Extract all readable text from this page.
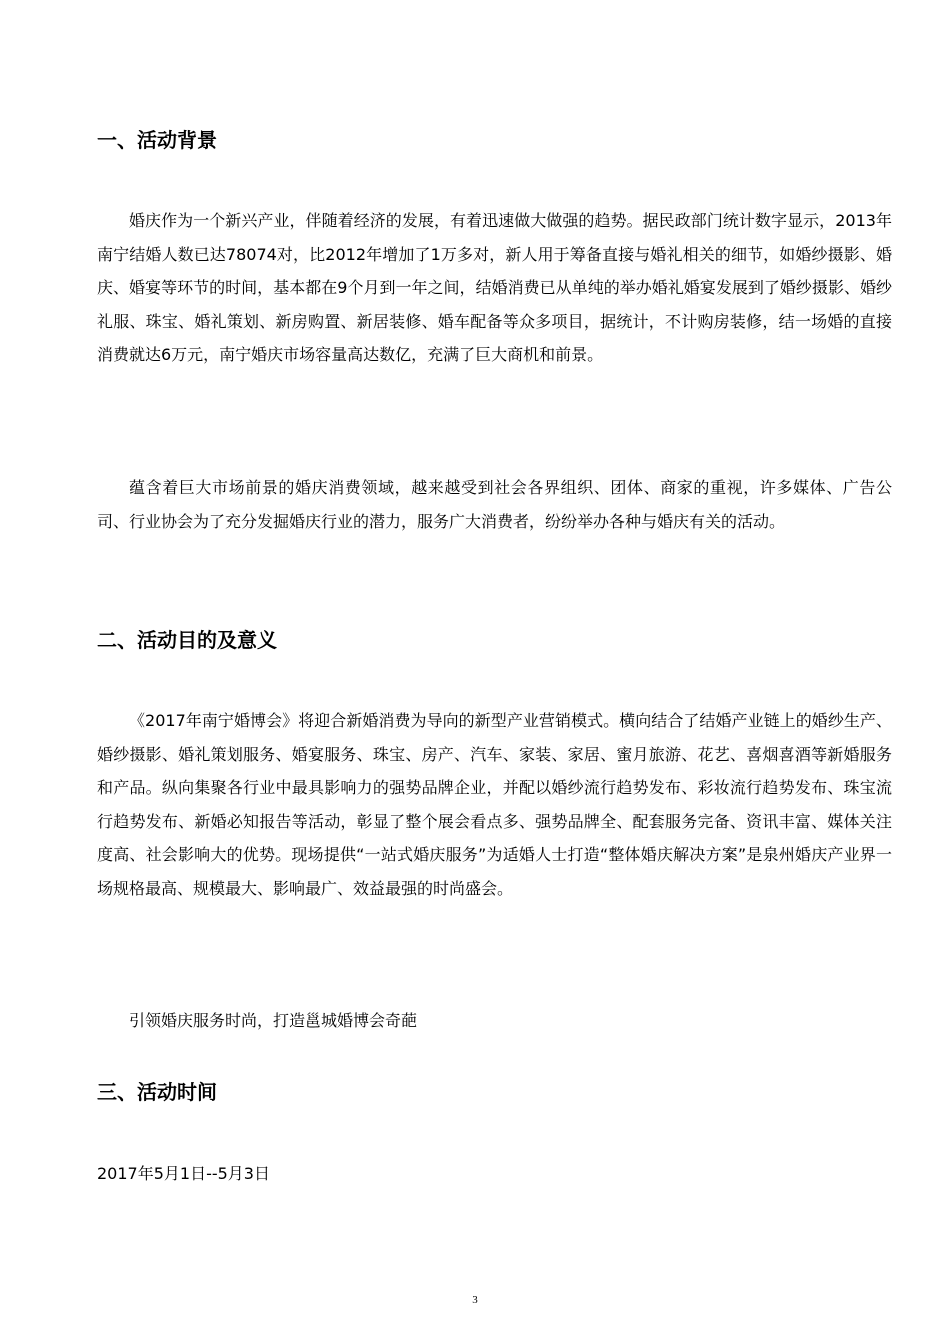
一、活动背景

婚庆作为一个新兴产业，伴随着经济的发展，有着迅速做大做强的趋势。据民政部门统计数字显示，2013年南宁结婚人数已达78074对，比2012年增加了1万多对，新人用于筹备直接与婚礼相关的细节，如婚纱摄影、婚庆、婚宴等环节的时间，基本都在9个月到一年之间，结婚消费已从单纯的举办婚礼婚宴发展到了婚纱摄影、婚纱礼服、珠宝、婚礼策划、新房购置、新居装修、婚车配备等众多项目，据统计，不计购房装修，结一场婚的直接消费就达6万元，南宁婚庆市场容量高达数亿，充满了巨大商机和前景。

蕴含着巨大市场前景的婚庆消费领域，越来越受到社会各界组织、团体、商家的重视，许多媒体、广告公司、行业协会为了充分发掘婚庆行业的潜力，服务广大消费者，纷纷举办各种与婚庆有关的活动。

二、活动目的及意义

《2017年南宁婚博会》将迎合新婚消费为导向的新型产业营销模式。横向结合了结婚产业链上的婚纱生产、婚纱摄影、婚礼策划服务、婚宴服务、珠宝、房产、汽车、家装、家居、蜜月旅游、花艺、喜烟喜酒等新婚服务和产品。纵向集聚各行业中最具影响力的强势品牌企业，并配以婚纱流行趋势发布、彩妆流行趋势发布、珠宝流行趋势发布、新婚必知报告等活动，彰显了整个展会看点多、强势品牌全、配套服务完备、资讯丰富、媒体关注度高、社会影响大的优势。现场提供“一站式婚庆服务”为适婚人士打造“整体婚庆解决方案”是泉州婚庆产业界一场规格最高、规模最大、影响最广、效益最强的时尚盛会。

引领婚庆服务时尚，打造邕城婚博会奇葩

三、活动时间
2017年5月1日--5月3日
3
